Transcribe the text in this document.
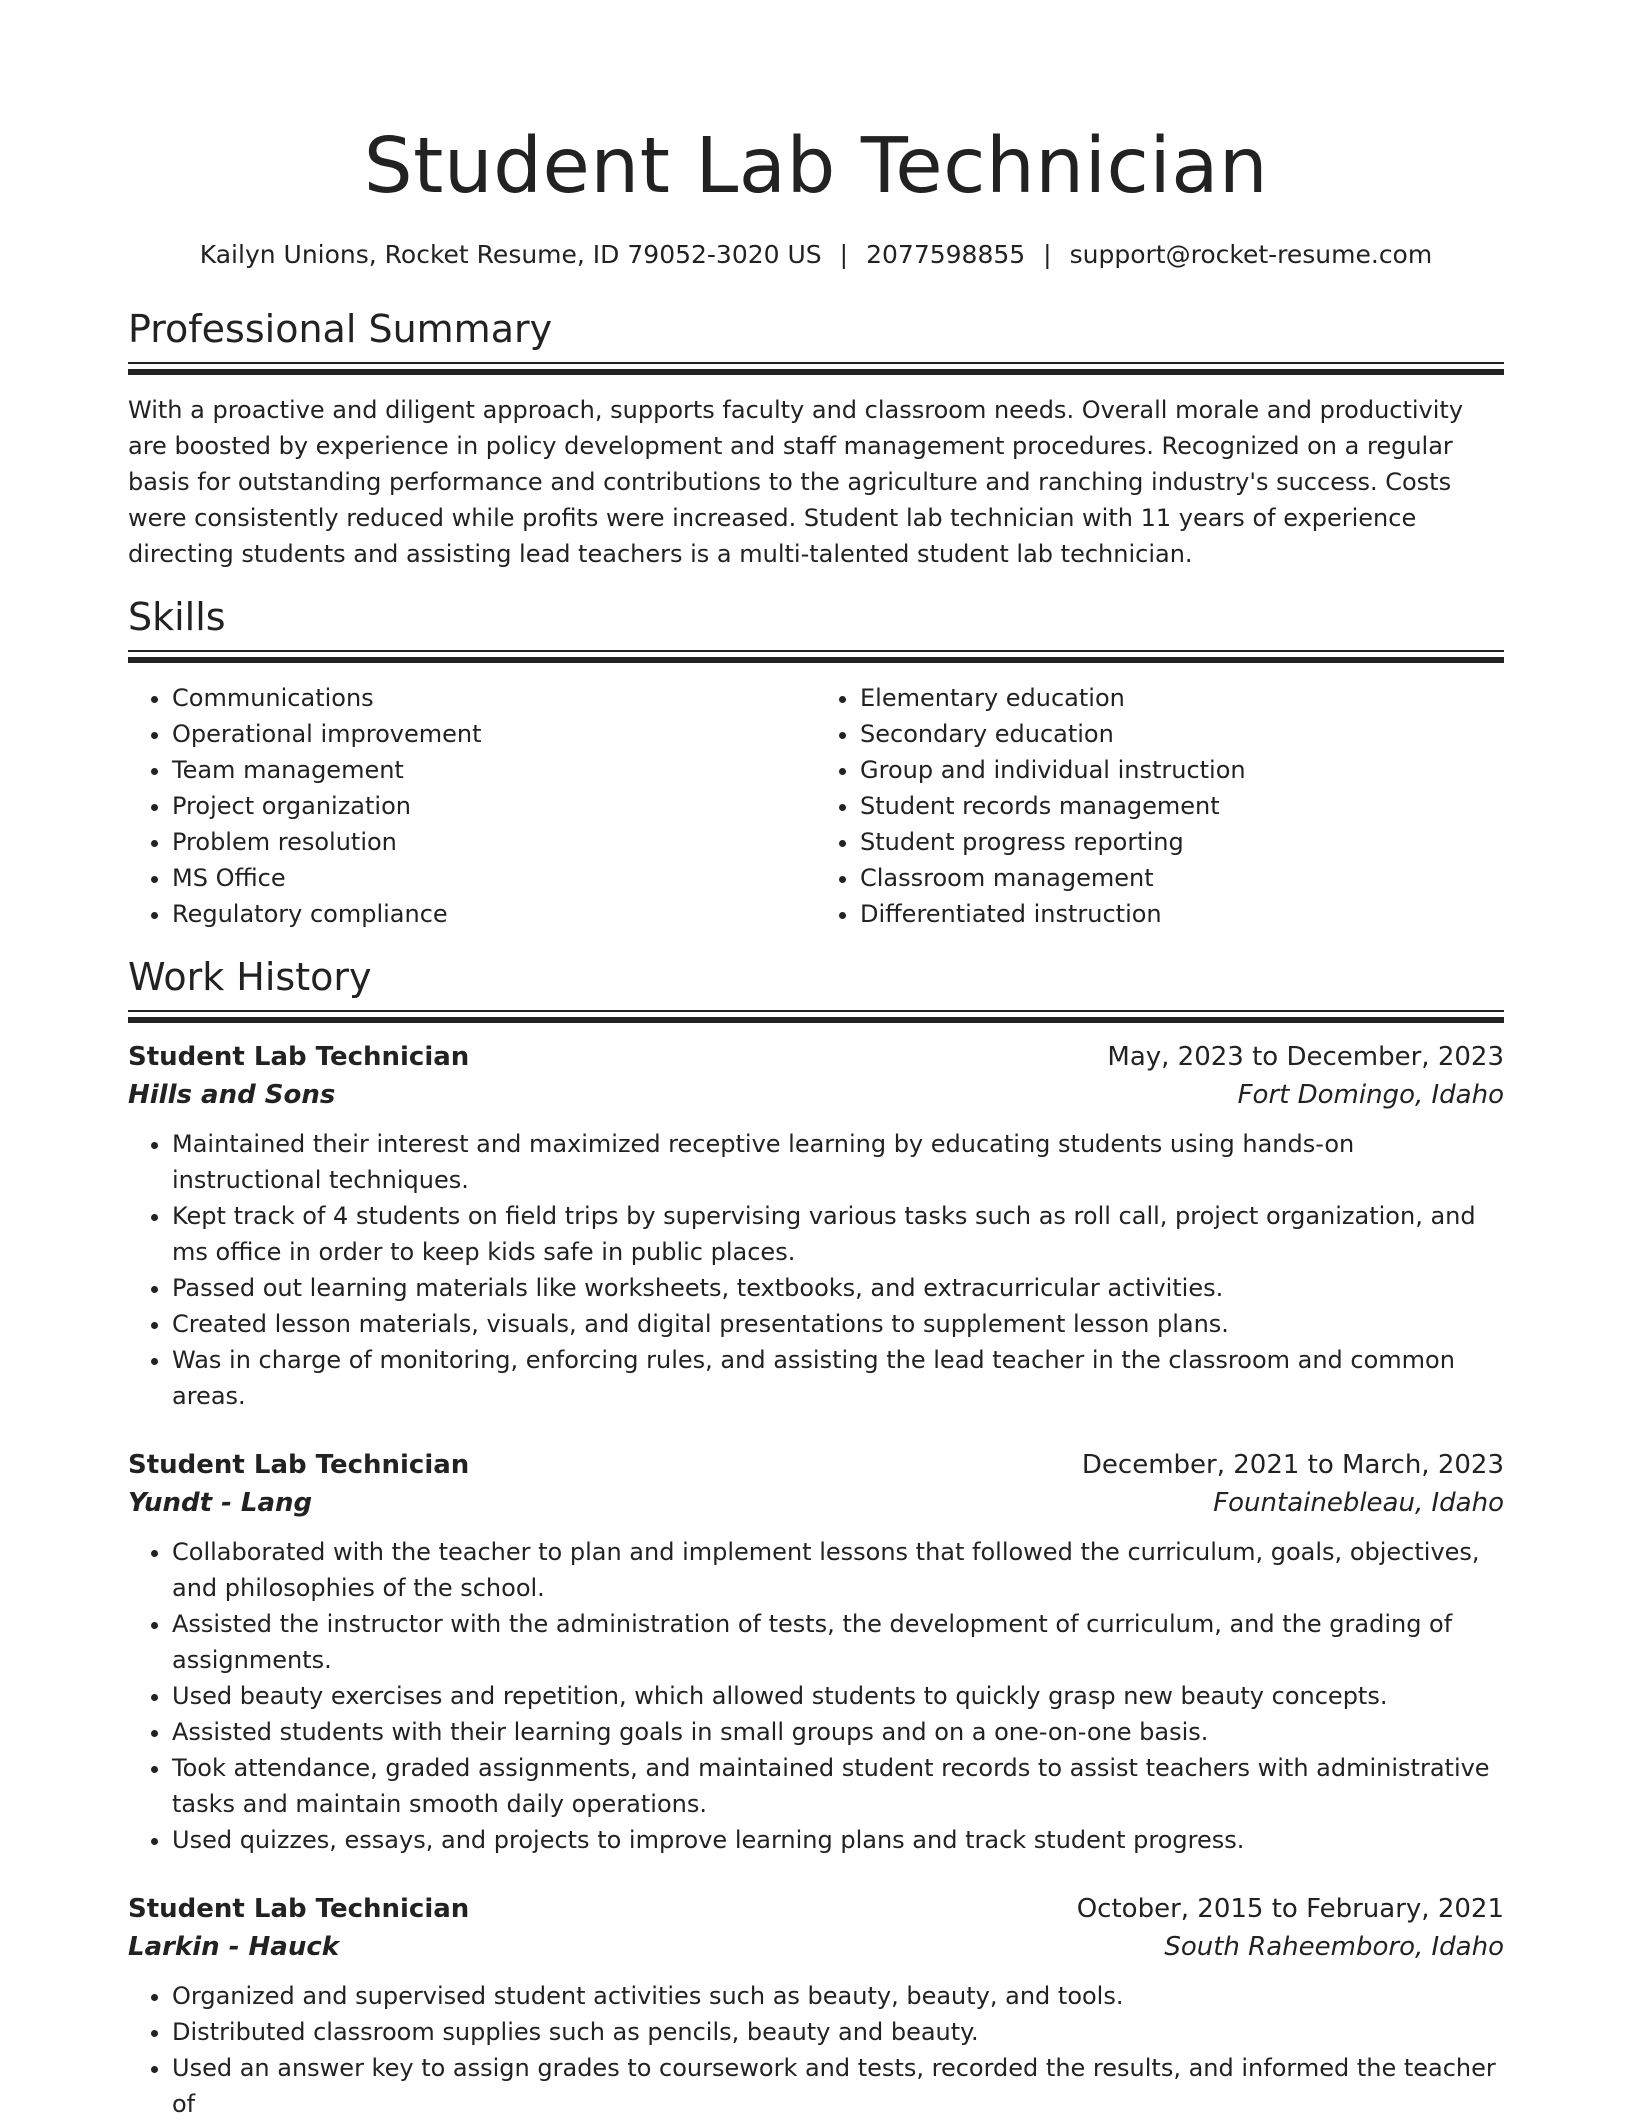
Student Lab Technician
Kailyn Unions, Rocket Resume, ID 79052-3020 US | 2077598855 | support@rocket-resume.com
Professional Summary

With a proactive and diligent approach, supports faculty and classroom needs. Overall morale and productivity are boosted by experience in policy development and staff management procedures. Recognized on a regular basis for outstanding performance and contributions to the agriculture and ranching industry's success. Costs were consistently reduced while profits were increased. Student lab technician with 11 years of experience directing students and assisting lead teachers is a multi-talented student lab technician.

Skills
• Communications
• Operational improvement
• Team management
• Project organization
• Problem resolution
• MS Office
• Regulatory compliance
• Elementary education
• Secondary education
• Group and individual instruction
• Student records management
• Student progress reporting
• Classroom management
• Differentiated instruction
Work History
Student Lab Technician	May, 2023 to December, 2023
Hills and Sons	Fort Domingo, Idaho
• Maintained their interest and maximized receptive learning by educating students using hands-on instructional techniques.
• Kept track of 4 students on field trips by supervising various tasks such as roll call, project organization, and ms office in order to keep kids safe in public places.
• Passed out learning materials like worksheets, textbooks, and extracurricular activities.
• Created lesson materials, visuals, and digital presentations to supplement lesson plans.
• Was in charge of monitoring, enforcing rules, and assisting the lead teacher in the classroom and common areas.
Student Lab Technician	December, 2021 to March, 2023
Yundt - Lang	Fountainebleau, Idaho
• Collaborated with the teacher to plan and implement lessons that followed the curriculum, goals, objectives, and philosophies of the school.
• Assisted the instructor with the administration of tests, the development of curriculum, and the grading of assignments.
• Used beauty exercises and repetition, which allowed students to quickly grasp new beauty concepts.
• Assisted students with their learning goals in small groups and on a one-on-one basis.
• Took attendance, graded assignments, and maintained student records to assist teachers with administrative tasks and maintain smooth daily operations.
• Used quizzes, essays, and projects to improve learning plans and track student progress.
Student Lab Technician	October, 2015 to February, 2021
Larkin - Hauck	South Raheemboro, Idaho
• Organized and supervised student activities such as beauty, beauty, and tools.
• Distributed classroom supplies such as pencils, beauty and beauty.
• Used an answer key to assign grades to coursework and tests, recorded the results, and informed the teacher of
